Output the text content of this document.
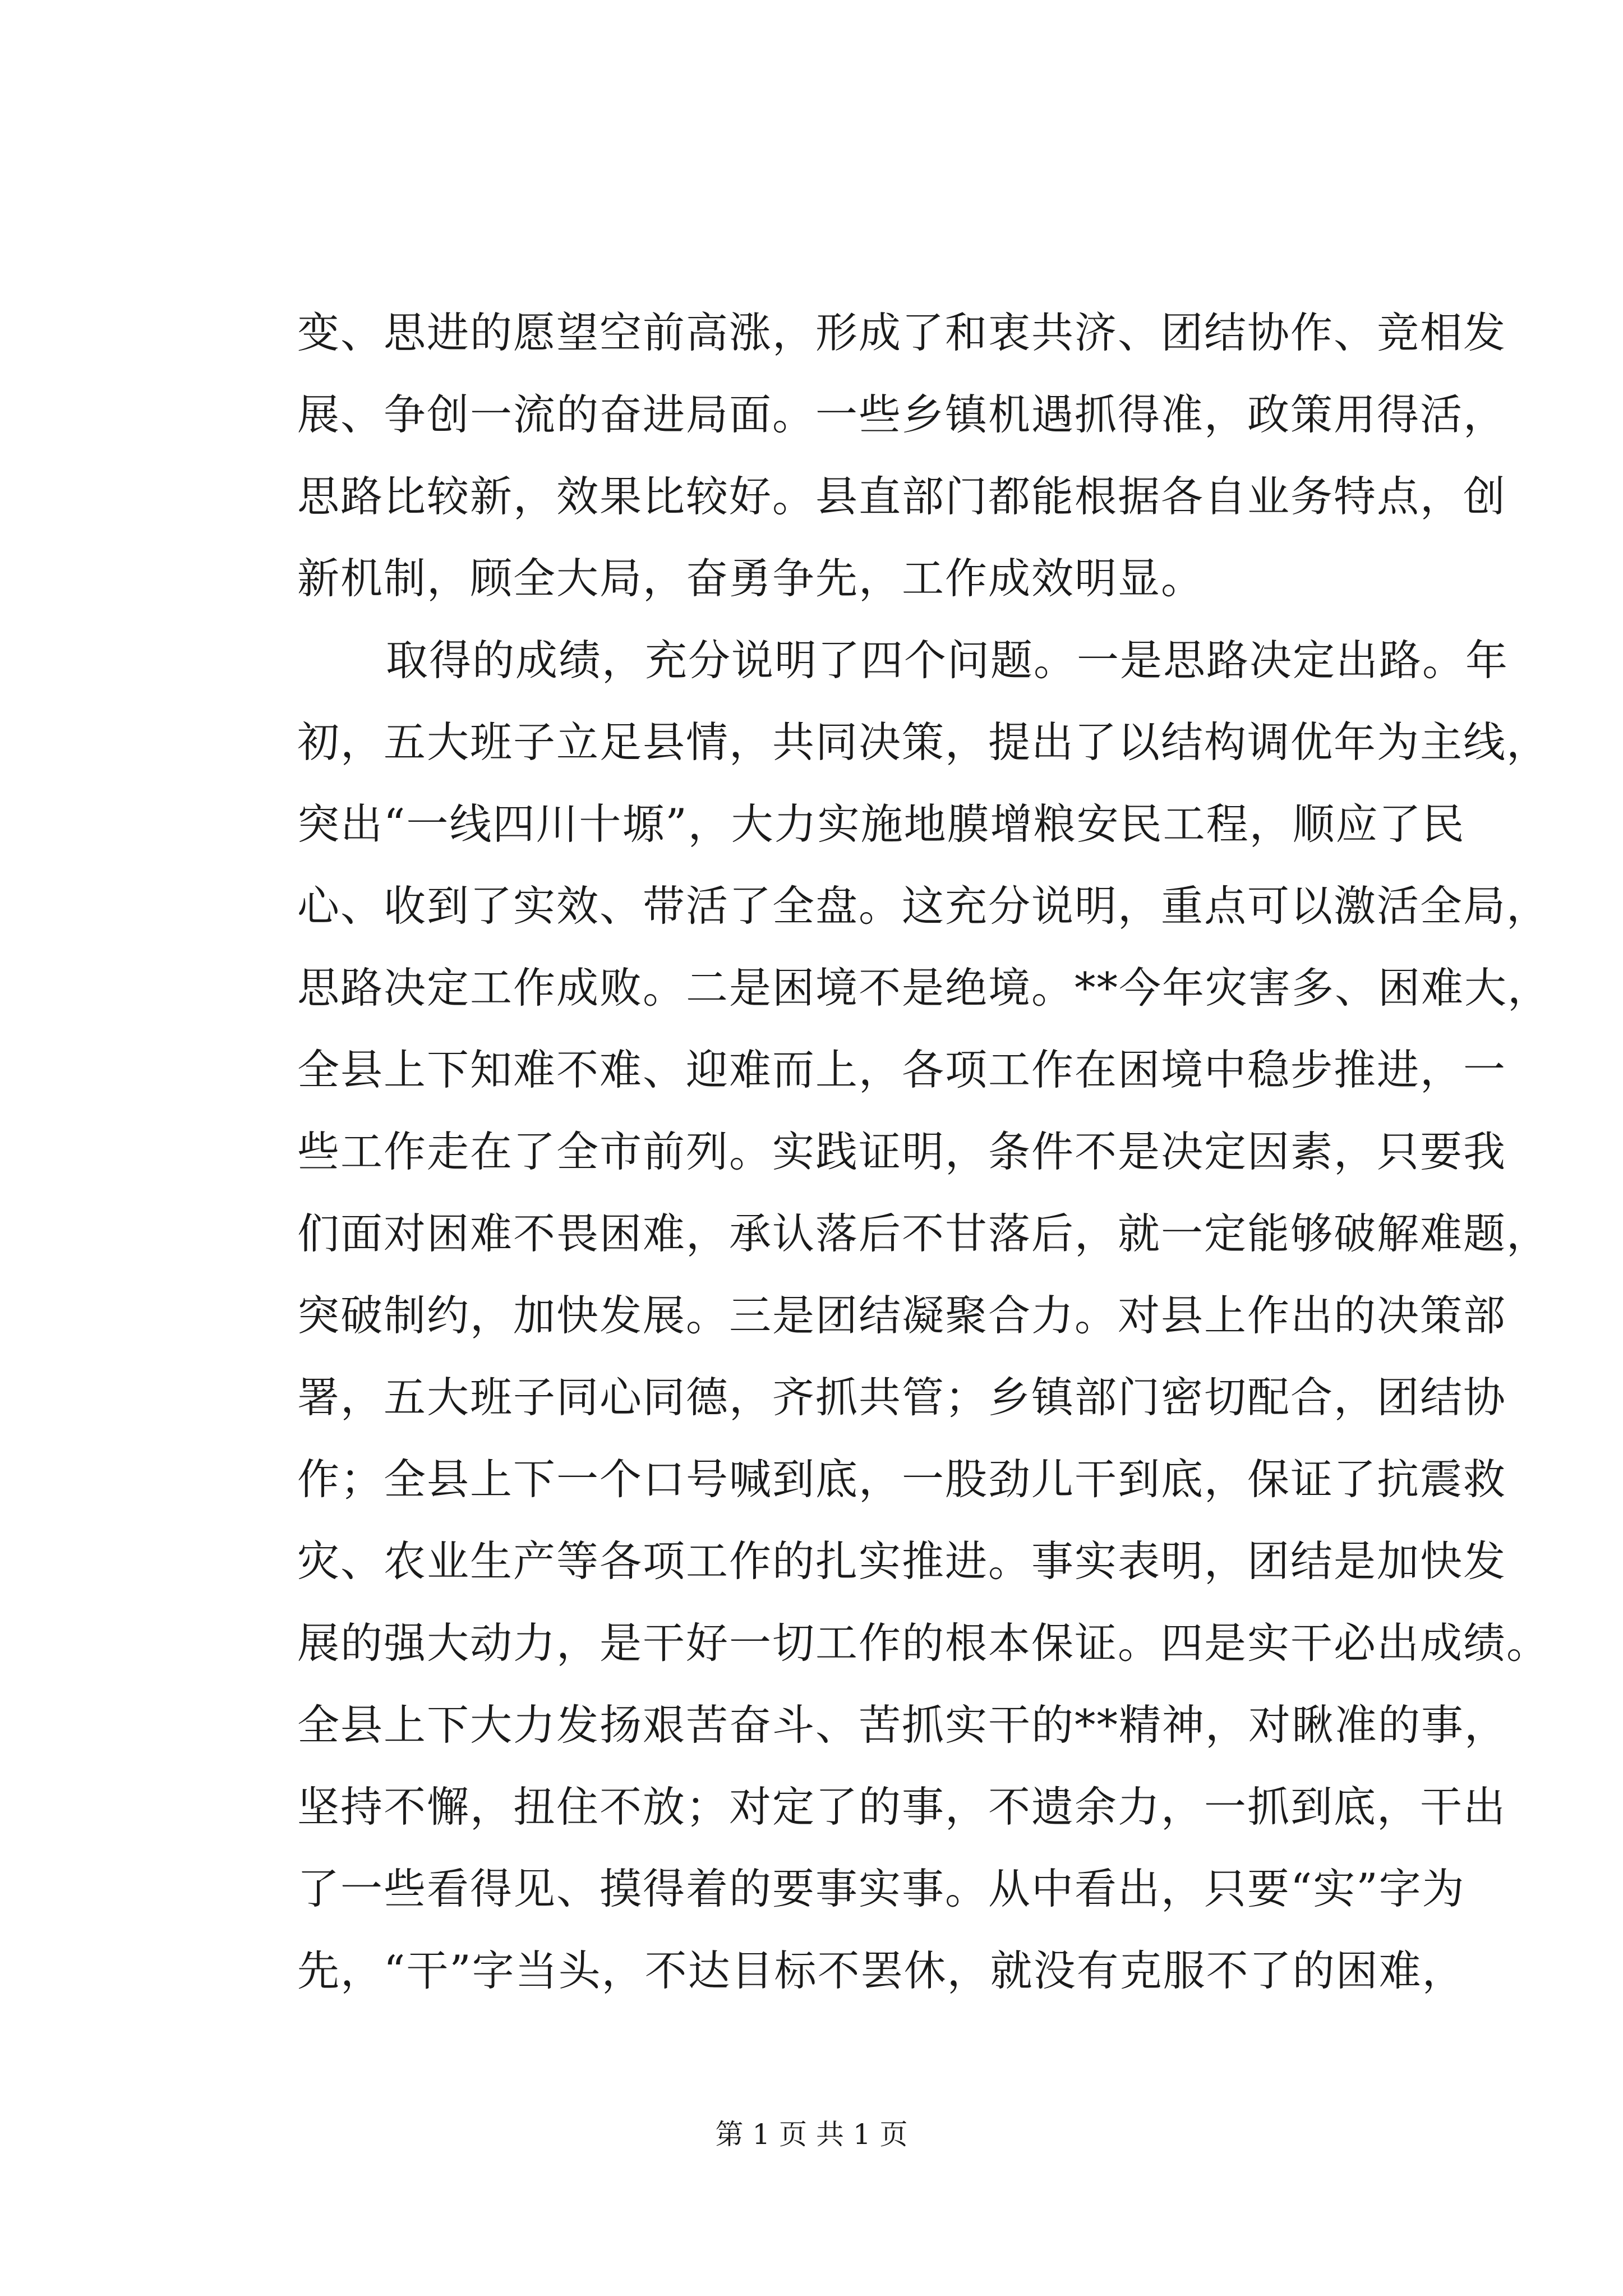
变、思进的愿望空前高涨，形成了和衷共济、团结协作、竞相发
展、争创一流的奋进局面。一些乡镇机遇抓得准，政策用得活，
思路比较新，效果比较好。县直部门都能根据各自业务特点，创
新机制，顾全大局，奋勇争先，工作成效明显。
取得的成绩，充分说明了四个问题。一是思路决定出路。年
初，五大班子立足县情，共同决策，提出了以结构调优年为主线，
突出“一线四川十塬”，大力实施地膜增粮安民工程，顺应了民
心、收到了实效、带活了全盘。这充分说明，重点可以激活全局，
思路决定工作成败。二是困境不是绝境。**今年灾害多、困难大，
全县上下知难不难、迎难而上，各项工作在困境中稳步推进，一
些工作走在了全市前列。实践证明，条件不是决定因素，只要我
们面对困难不畏困难，承认落后不甘落后，就一定能够破解难题，
突破制约，加快发展。三是团结凝聚合力。对县上作出的决策部
署，五大班子同心同德，齐抓共管；乡镇部门密切配合，团结协
作；全县上下一个口号喊到底，一股劲儿干到底，保证了抗震救
灾、农业生产等各项工作的扎实推进。事实表明，团结是加快发
展的强大动力，是干好一切工作的根本保证。四是实干必出成绩。
全县上下大力发扬艰苦奋斗、苦抓实干的**精神，对瞅准的事，
坚持不懈，扭住不放；对定了的事，不遗余力，一抓到底，干出
了一些看得见、摸得着的要事实事。从中看出，只要“实”字为
先，“干”字当头，不达目标不罢休，就没有克服不了的困难，
第 1 页 共 1 页
